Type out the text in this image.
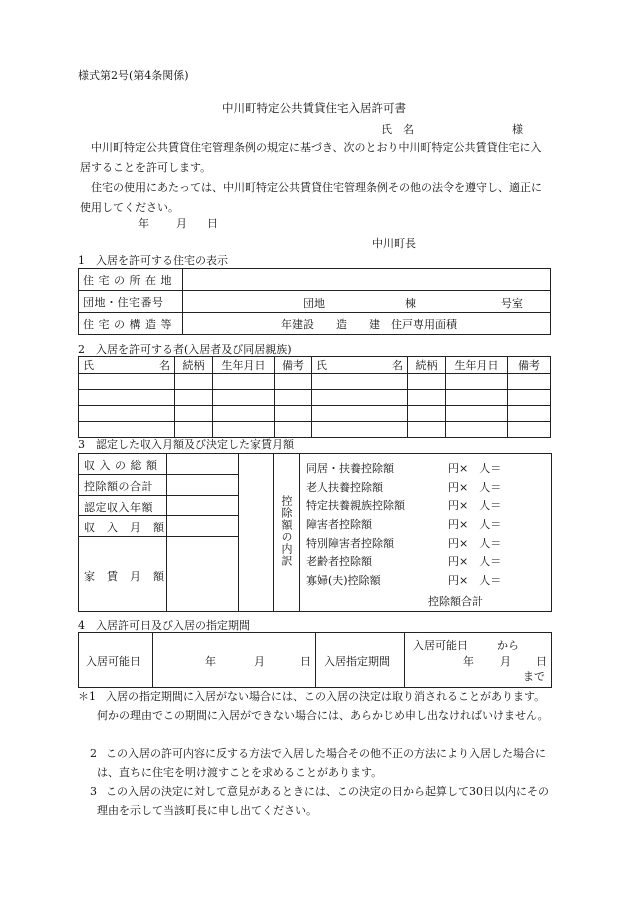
様式第2号(第4条関係)
中川町特定公共賃貸住宅入居許可書
氏　名	様
中川町特定公共賃貸住宅管理条例の規定に基づき、次のとおり中川町特定公共賃貸住宅に入居することを許可します。
住宅の使用にあたっては、中川町特定公共賃貸住宅管理条例その他の法令を遵守し、適正に使用してください。
年 月 日
中川町長
1　入居を許可する住宅の表示
住 宅 の 所 在 地	
団地・住宅番号	団地 棟 号室

住 宅 の 構 造 等	年建設　　造　　建　住戸専用面積
2　入居を許可する者(入居者及び同居親族)
氏 名	続柄	生年月日	備考	氏 名	続柄	生年月日	備考

3　認定した収入月額及び決定した家賃月額
収 入 の 総 額
控除額の合計
認定収入年額
収　入　月　額
家　賃　月　額
控除額の内訳
同居・扶養控除額	円×　人＝
老人扶養控除額	円×　人＝
特定扶養親族控除額	円×　人＝
障害者控除額	円×　人＝
特別障害者控除額	円×　人＝
老齢者控除額	円×　人＝
寡婦(夫)控除額	円×　人＝
控除額合計
4　入居許可日及び入居の指定期間
入居可能日	年	月	日 入居指定期間
入居可能日	から
年 月 日
まで
＊1 入居の指定期間に入居がない場合には、この入居の決定は取り消されることがあります。何かの理由でこの期間に入居ができない場合には、あらかじめ申し出なければいけません。
2 この入居の許可内容に反する方法で入居した場合その他不正の方法により入居した場合には、直ちに住宅を明け渡すことを求めることがあります。
3 この入居の決定に対して意見があるときには、この決定の日から起算して30日以内にその理由を示して当該町長に申し出てください。
